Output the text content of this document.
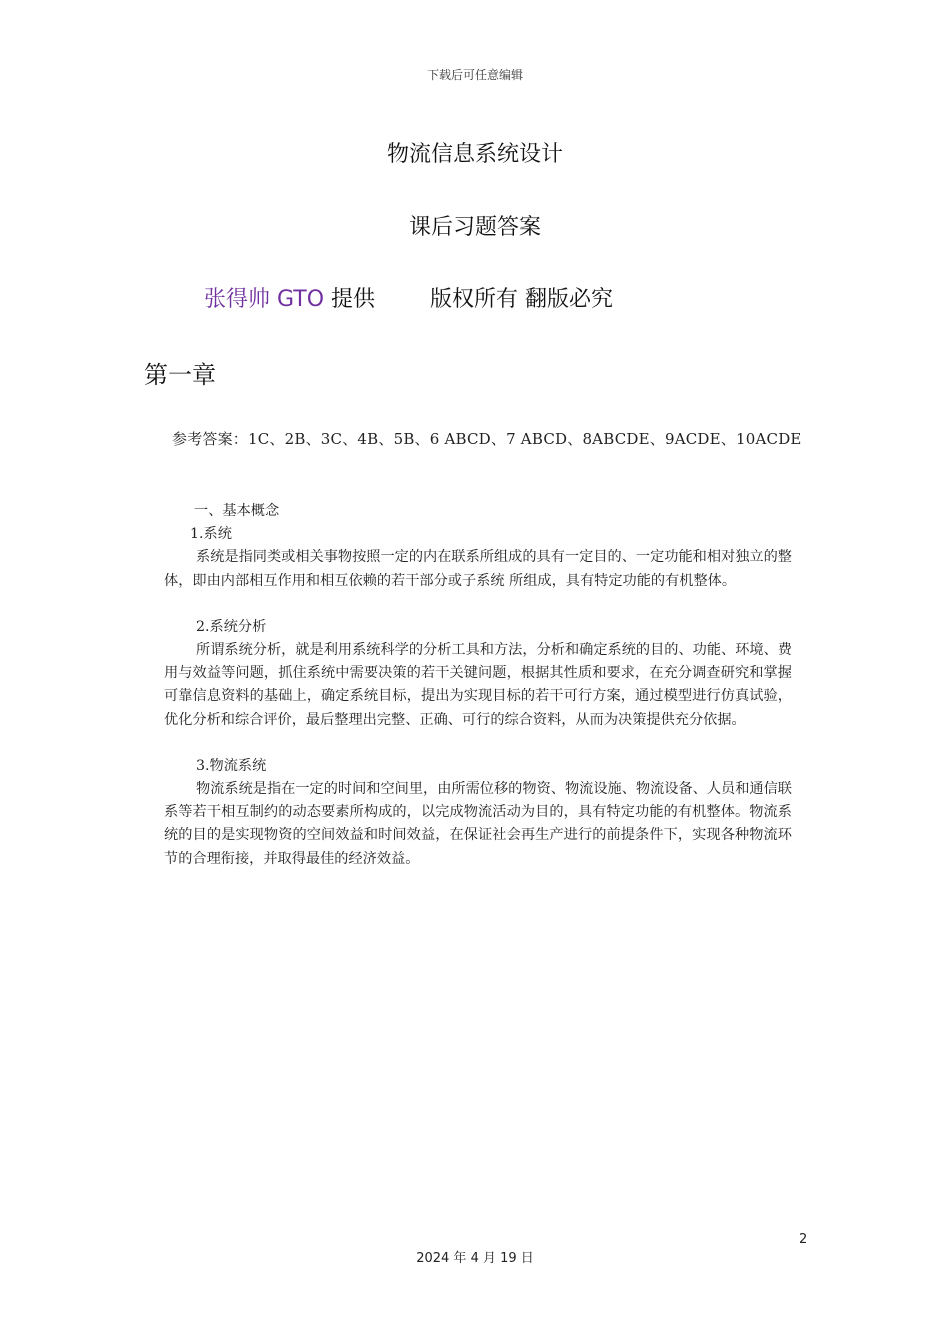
下载后可任意编辑
物流信息系统设计
课后习题答案
张得帅 GTO 提供 版权所有 翻版必究
第一章
参考答案：1C、2B、3C、4B、5B、6 ABCD、7 ABCD、8ABCDE、9ACDE、10ACDE

一、基本概念

1.系统

系统是指同类或相关事物按照一定的内在联系所组成的具有一定目的、一定功能和相对独立的整体，即由内部相互作用和相互依赖的若干部分或子系统 所组成，具有特定功能的有机整体。

2.系统分析

所谓系统分析，就是利用系统科学的分析工具和方法，分析和确定系统的目的、功能、环境、费用与效益等问题，抓住系统中需要决策的若干关键问题，根据其性质和要求，在充分调查研究和掌握可靠信息资料的基础上，确定系统目标，提出为实现目标的若干可行方案，通过模型进行仿真试验，优化分析和综合评价，最后整理出完整、正确、可行的综合资料，从而为决策提供充分依据。

3.物流系统

物流系统是指在一定的时间和空间里，由所需位移的物资、物流设施、物流设备、人员和通信联系等若干相互制约的动态要素所构成的，以完成物流活动为目的，具有特定功能的有机整体。物流系统的目的是实现物资的空间效益和时间效益，在保证社会再生产进行的前提条件下，实现各种物流环节的合理衔接，并取得最佳的经济效益。

2
2024 年 4 月 19 日
